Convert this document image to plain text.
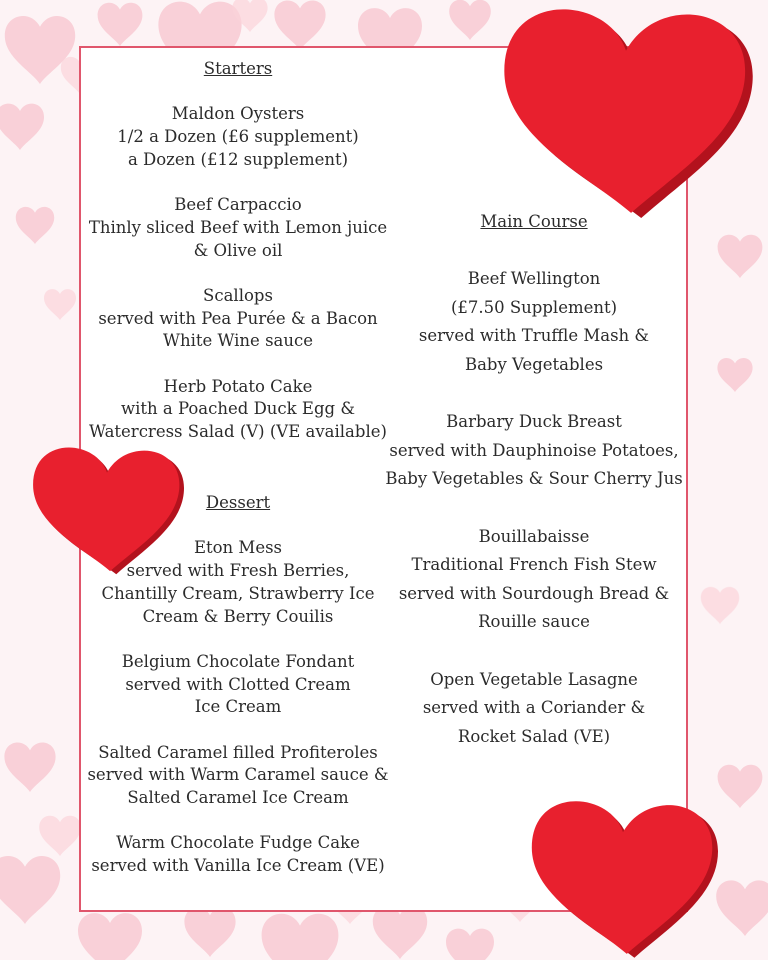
Starters
Maldon Oysters
1/2 a Dozen (£6 supplement)
a Dozen (£12 supplement)
Beef Carpaccio
Thinly sliced Beef with Lemon juice
& Olive oil
Scallops
served with Pea Purée & a Bacon
White Wine sauce
Herb Potato Cake
with a Poached Duck Egg &
Watercress Salad (V) (VE available)
Dessert
Eton Mess
served with Fresh Berries,
Chantilly Cream, Strawberry Ice
Cream & Berry Couilis
Belgium Chocolate Fondant
served with Clotted Cream
Ice Cream
Salted Caramel filled Profiteroles
served with Warm Caramel sauce &
Salted Caramel Ice Cream
Warm Chocolate Fudge Cake
served with Vanilla Ice Cream (VE)
Main Course
Beef Wellington
(£7.50 Supplement)
served with Truffle Mash &
Baby Vegetables
Barbary Duck Breast
served with Dauphinoise Potatoes,
Baby Vegetables & Sour Cherry Jus
Bouillabaisse
Traditional French Fish Stew
served with Sourdough Bread &
Rouille sauce
Open Vegetable Lasagne
served with a Coriander &
Rocket Salad (VE)
